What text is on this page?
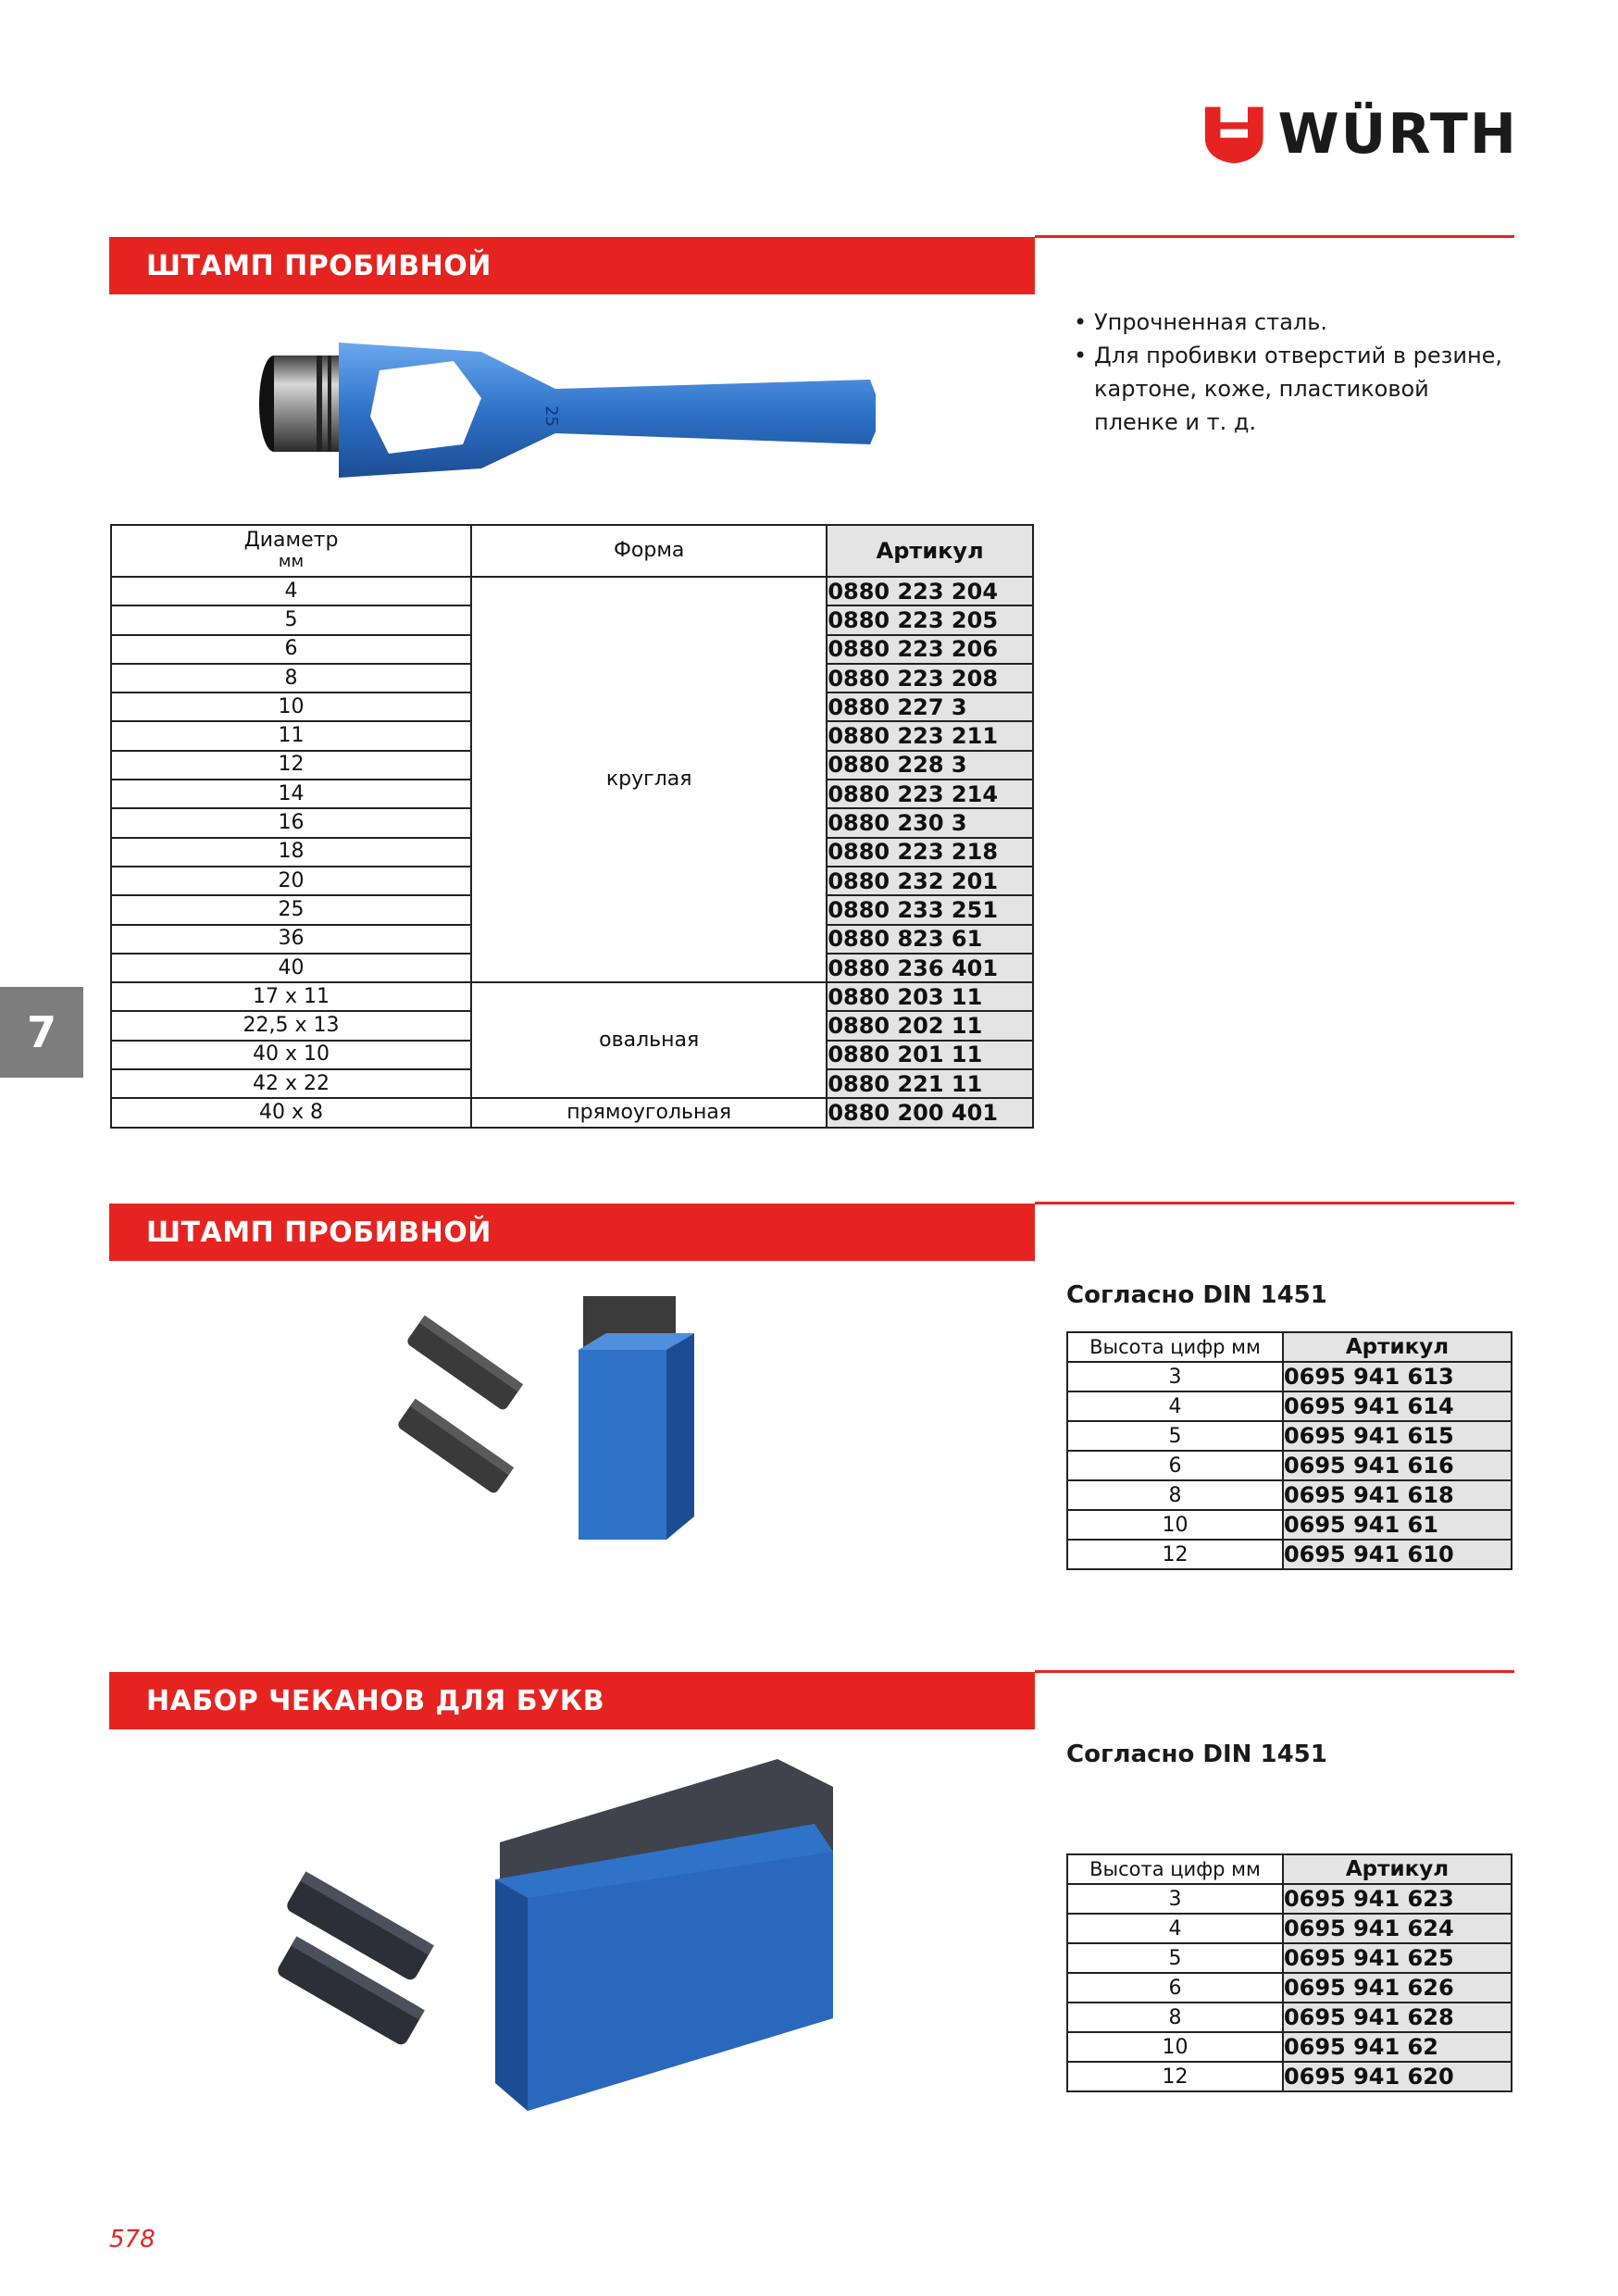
WÜRTH
ШТАМП ПРОБИВНОЙ
25
• Упрочненная сталь.
• Для пробивки отверстий в резине, картоне, коже, пластиковой пленке и т. д.
Диаметр
мм	Форма	Артикул
4	круглая	0880 223 204
5		0880 223 205
6		0880 223 206
8		0880 223 208
10		0880 227 3
11		0880 223 211
12		0880 228 3
14		0880 223 214
16		0880 230 3
18		0880 223 218
20		0880 232 201
25		0880 233 251
36		0880 823 61
40		0880 236 401
17 x 11	овальная	0880 203 11
22,5 x 13		0880 202 11
40 x 10		0880 201 11
42 x 22		0880 221 11
40 x 8	прямоугольная	0880 200 401
7
ШТАМП ПРОБИВНОЙ
Согласно DIN 1451
Высота цифр мм	Артикул
3	0695 941 613
4	0695 941 614
5	0695 941 615
6	0695 941 616
8	0695 941 618
10	0695 941 61
12	0695 941 610
НАБОР ЧЕКАНОВ ДЛЯ БУКВ
Согласно DIN 1451
Высота цифр мм	Артикул
3	0695 941 623
4	0695 941 624
5	0695 941 625
6	0695 941 626
8	0695 941 628
10	0695 941 62
12	0695 941 620
578
